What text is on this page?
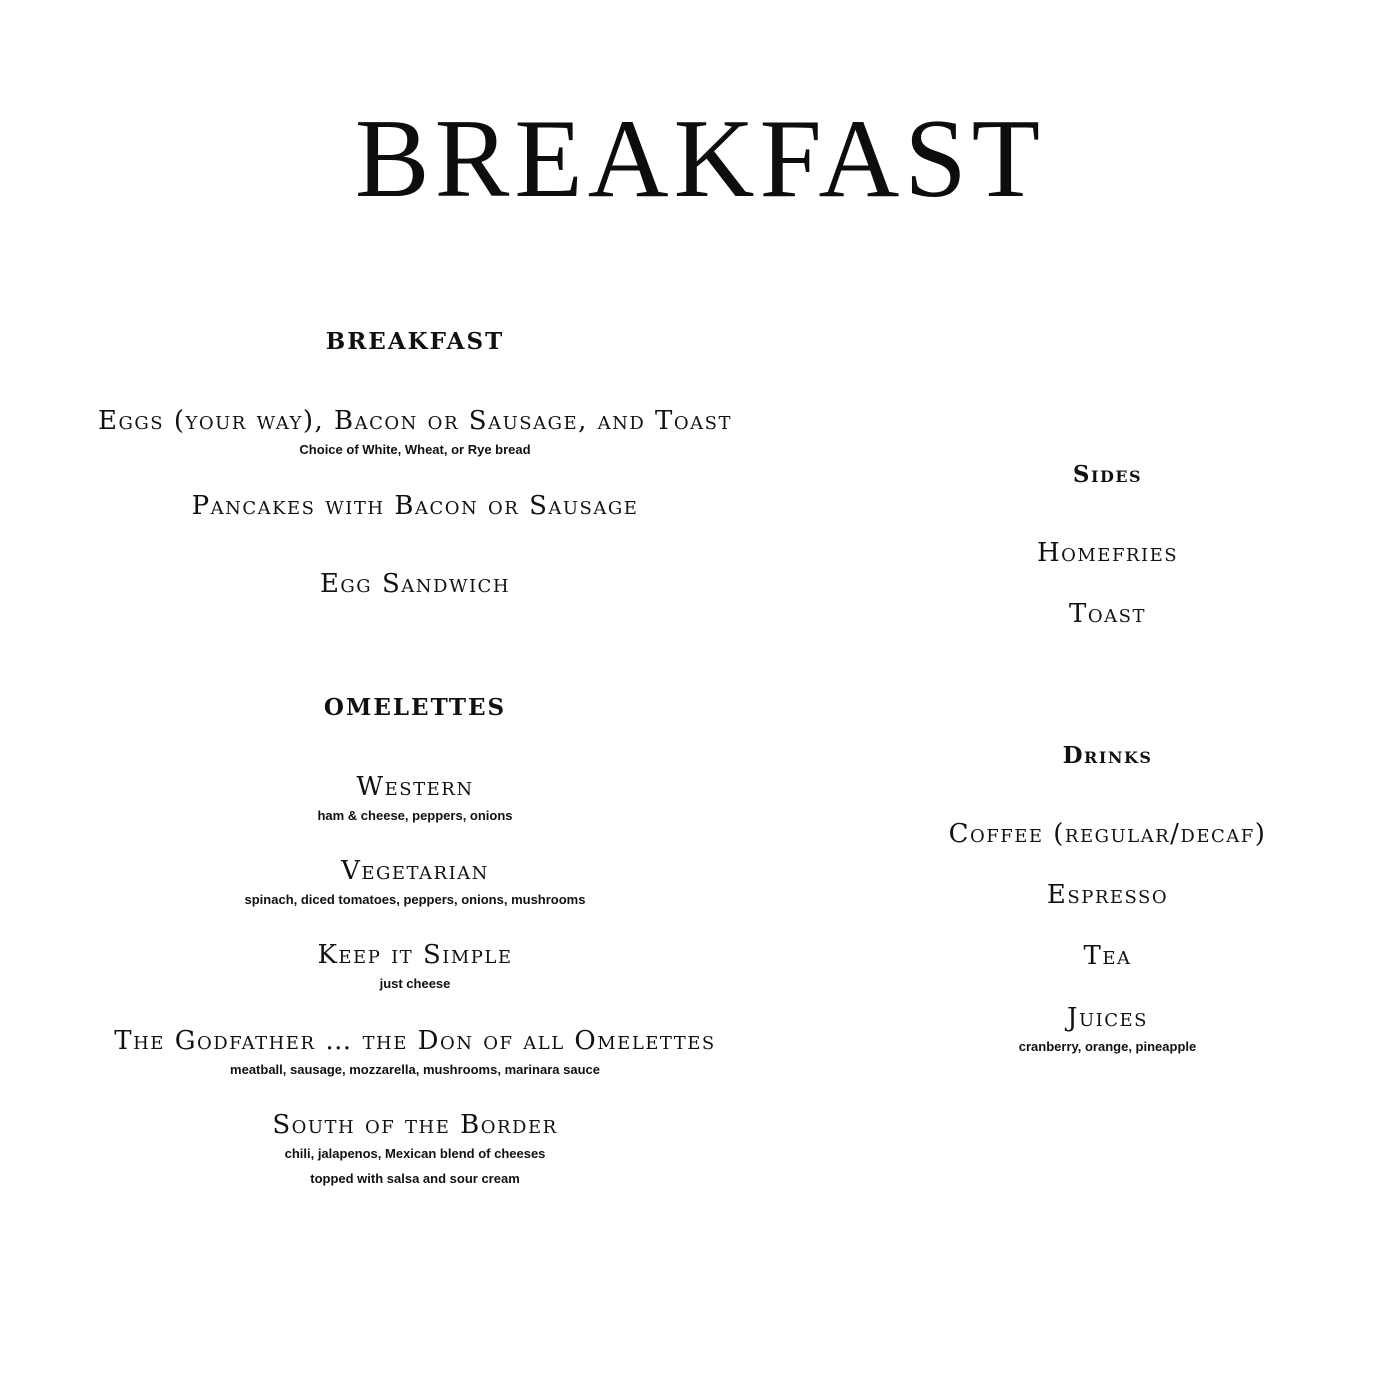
BREAKFAST
BREAKFAST
Eggs (your way), Bacon or Sausage, and Toast
Choice of White, Wheat, or Rye bread
Pancakes with Bacon or Sausage
Egg Sandwich
OMELETTES
Western
ham & cheese, peppers, onions
Vegetarian
spinach, diced tomatoes, peppers, onions, mushrooms
Keep it Simple
just cheese
The Godfather … the Don of all Omelettes
meatball, sausage, mozzarella, mushrooms, marinara sauce
South of the Border
chili, jalapenos, Mexican blend of cheeses
topped with salsa and sour cream
Sides
Homefries
Toast
Drinks
Coffee (regular/decaf)
Espresso
Tea
Juices
cranberry, orange, pineapple
